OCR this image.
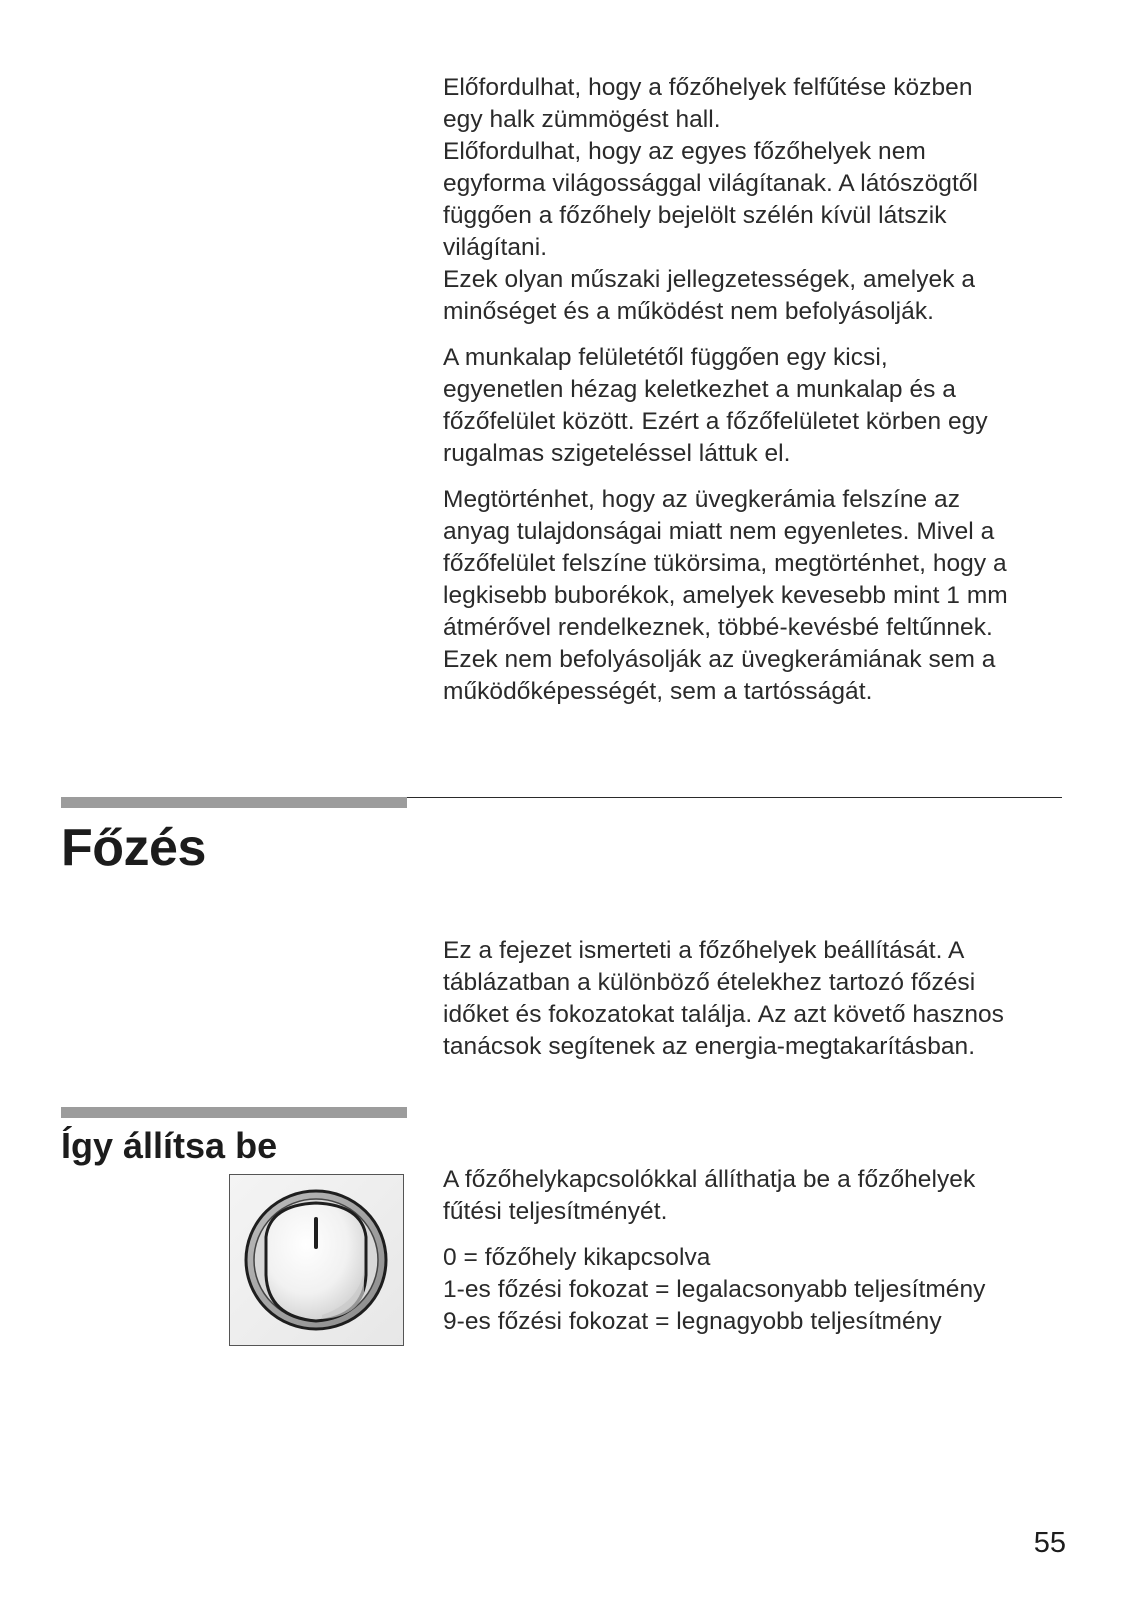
Előfordulhat, hogy a főzőhelyek felfűtése közben
egy halk zümmögést hall.

Előfordulhat, hogy az egyes főzőhelyek nem
egyforma világossággal világítanak. A látószögtől
függően a főzőhely bejelölt szélén kívül látszik
világítani.

Ezek olyan műszaki jellegzetességek, amelyek a
minőséget és a működést nem befolyásolják.

A munkalap felületétől függően egy kicsi,
egyenetlen hézag keletkezhet a munkalap és a
főzőfelület között. Ezért a főzőfelületet körben egy
rugalmas szigeteléssel láttuk el.

Megtörténhet, hogy az üvegkerámia felszíne az
anyag tulajdonságai miatt nem egyenletes. Mivel a
főzőfelület felszíne tükörsima, megtörténhet, hogy a
legkisebb buborékok, amelyek kevesebb mint 1 mm
átmérővel rendelkeznek, többé-kevésbé feltűnnek.
Ezek nem befolyásolják az üvegkerámiának sem a
működőképességét, sem a tartósságát.

Főzés

Ez a fejezet ismerteti a főzőhelyek beállítását. A
táblázatban a különböző ételekhez tartozó főzési
időket és fokozatokat találja. Az azt követő hasznos
tanácsok segítenek az energia-megtakarításban.

Így állítsa be

A főzőhelykapcsolókkal állíthatja be a főzőhelyek
fűtési teljesítményét.

0 = főzőhely kikapcsolva
1-es főzési fokozat = legalacsonyabb teljesítmény
9-es főzési fokozat = legnagyobb teljesítmény

55
